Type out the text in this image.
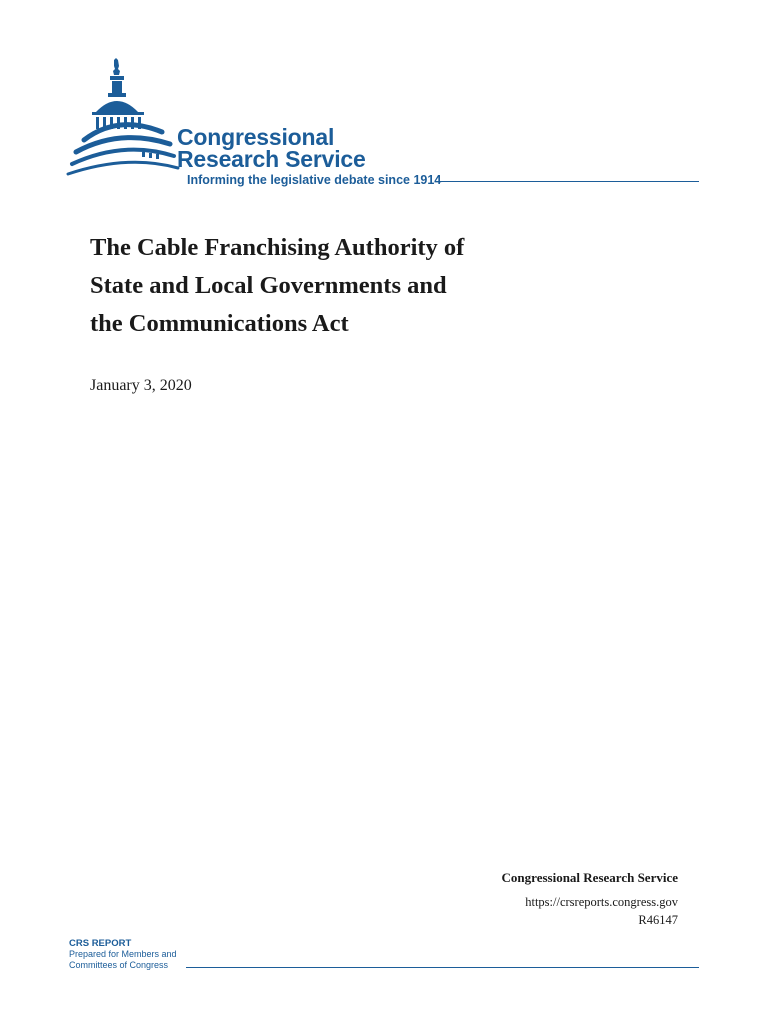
Congressional
Research Service
Informing the legislative debate since 1914
The Cable Franchising Authority of
State and Local Governments and
the Communications Act
January 3, 2020
Congressional Research Service
https://crsreports.congress.gov
R46147
CRS REPORT
Prepared for Members and
Committees of Congress
